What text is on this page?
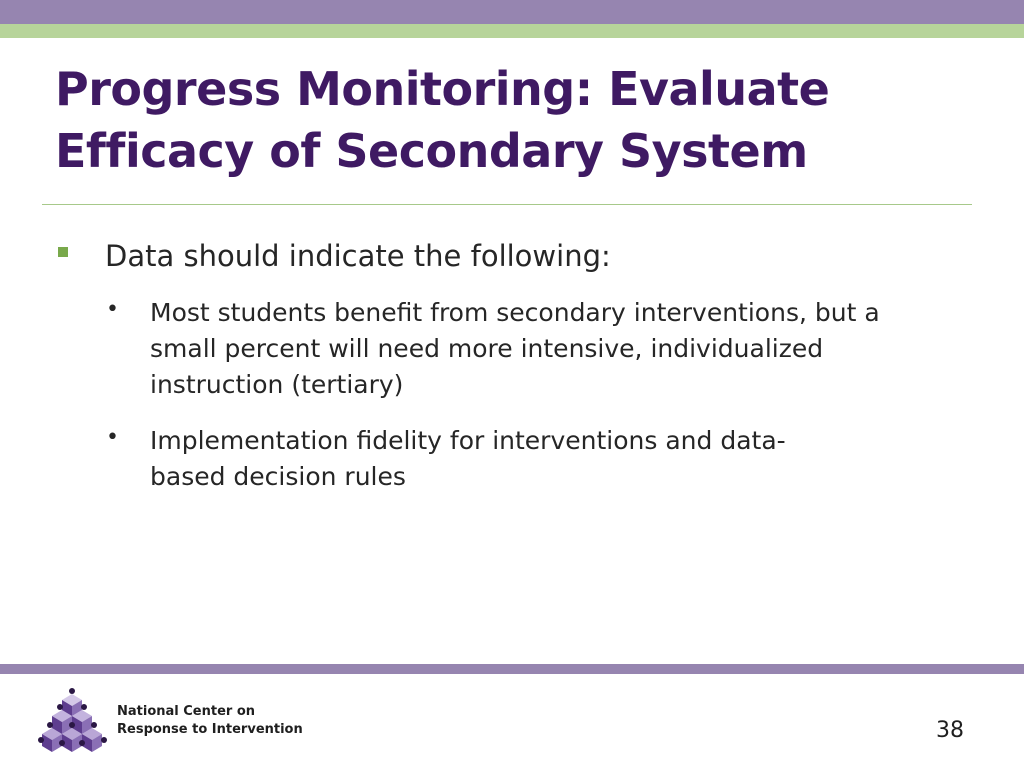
Progress Monitoring: Evaluate
Efficacy of Secondary System
Data should indicate the following:
• Most students benefit from secondary interventions, but a
small percent will need more intensive, individualized
instruction (tertiary)
• Implementation fidelity for interventions and data-
based decision rules
National Center on
Response to Intervention	38
